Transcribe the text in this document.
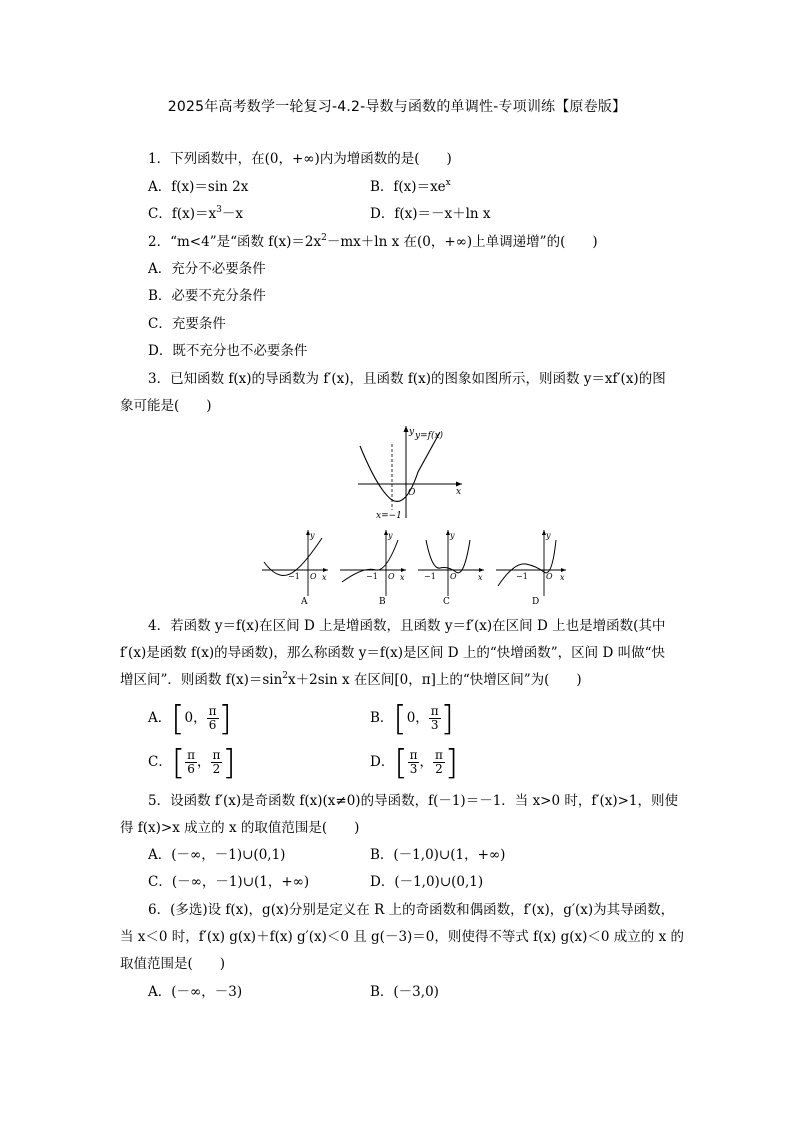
2025年高考数学一轮复习-4.2-导数与函数的单调性-专项训练【原卷版】
1．下列函数中，在(0，+∞)内为增函数的是(　　)
A．f(x)＝sin 2x	B．$f(x)=xe^x$
C．$f(x)=x^3-x$	D．f(x)＝－x＋ln x
2．“m<4”是“函数 $f(x)=2x^2-mx+\ln$ x 在(0，+∞)上单调递增”的(　　)
A．充分不必要条件
B．必要不充分条件
C．充要条件
D．既不充分也不必要条件
3．已知函数 f(x)的导函数为 f′(x)，且函数 f(x)的图象如图所示，则函数 y＝xf′(x)的图
象可能是(　　)
y=f(x)
y
x
O
x=−1
y
x
−1 O
A
y
x
−1 O
B
y
x
−1 O
C
y
x
−1 O
D
4．若函数 y＝f(x)在区间 D 上是增函数，且函数 y＝f′(x)在区间 D 上也是增函数(其中
f′(x)是函数 f(x)的导函数)，那么称函数 y＝f(x)是区间 D 上的“快增函数”，区间 D 叫做“快
增区间”．则函数 $f(x)=\sin^2x+2\sin$ x 在区间[0，π]上的“快增区间”为(　　)
A．[0， $\frac{\pi}{6}$ ]	B．[0， $\frac{\pi}{3}$ ]
C．[ $\frac{\pi}{6}$ ， $\frac{\pi}{2}$ ]	D．[ $\frac{\pi}{3}$ ， $\frac{\pi}{2}$ ]
5．设函数 f′(x)是奇函数 f(x)(x≠0)的导函数，f(－1)＝－1．当 x>0 时，f′(x)>1，则使
得 f(x)>x 成立的 x 的取值范围是(　　)
A．(－∞，－1)∪(0,1)	B．(－1,0)∪(1，+∞)
C．(－∞，－1)∪(1，+∞)	D．(－1,0)∪(0,1)
6．(多选)设 f(x)，g(x)分别是定义在 R 上的奇函数和偶函数，f′(x)，g′(x)为其导函数，
当 x＜0 时，f′(x) g(x)＋f(x) g′(x)＜0 且 g(－3)＝0，则使得不等式 f(x) g(x)＜0 成立的 x 的
取值范围是(　　)
A．(－∞，－3)	B．(－3,0)
